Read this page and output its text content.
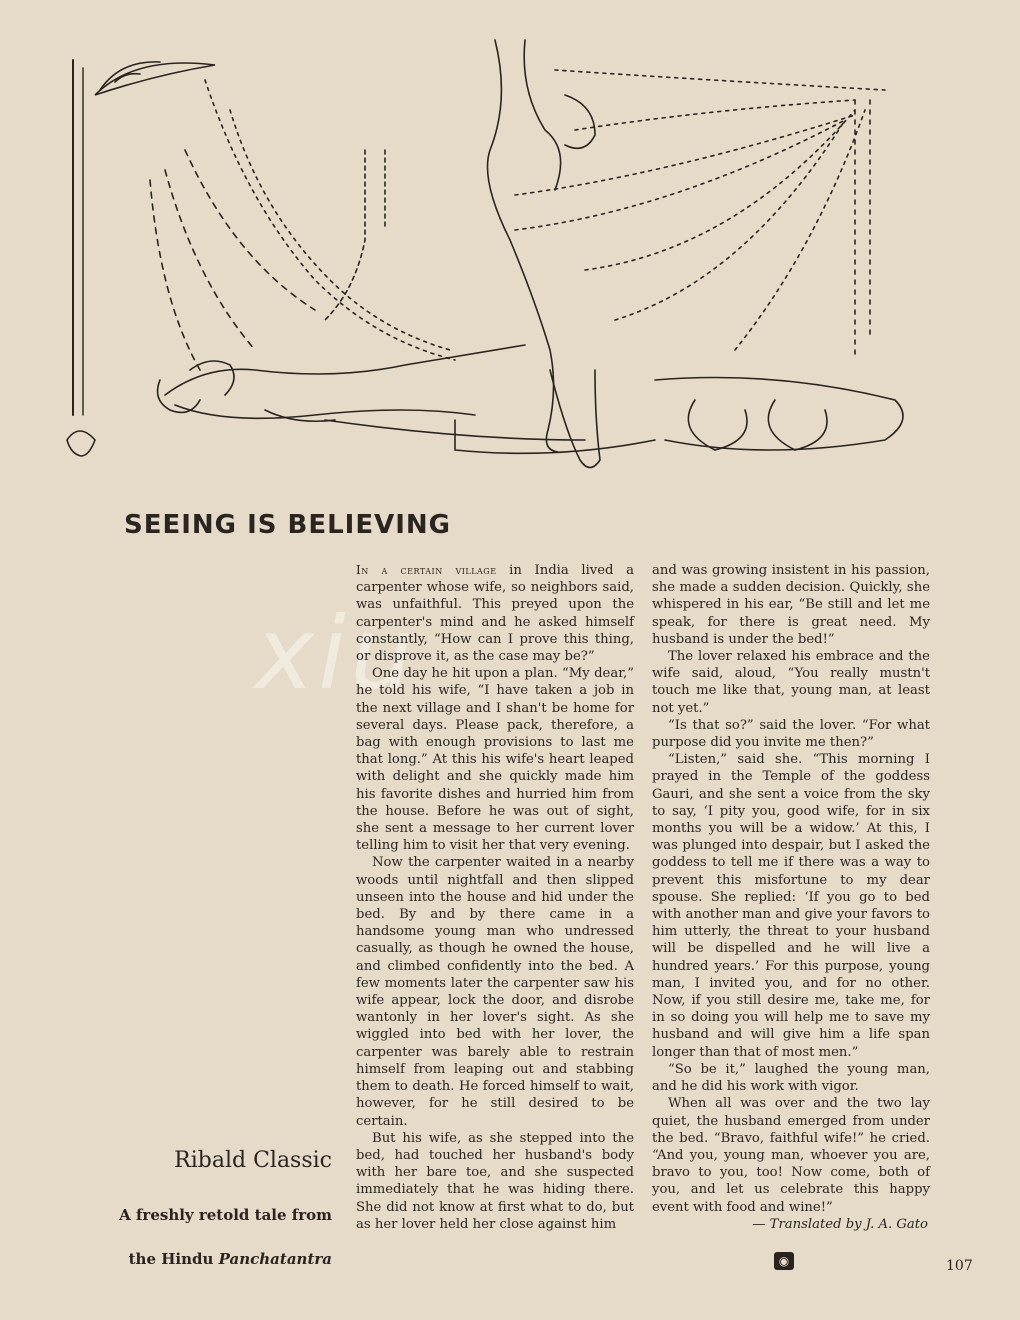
SEEING IS BELIEVING
xiu

In a certain village in India lived a carpenter whose wife, so neighbors said, was unfaithful. This preyed upon the carpenter's mind and he asked himself constantly, “How can I prove this thing, or disprove it, as the case may be?”

One day he hit upon a plan. “My dear,” he told his wife, “I have taken a job in the next village and I shan't be home for several days. Please pack, therefore, a bag with enough provisions to last me that long.” At this his wife's heart leaped with delight and she quickly made him his favorite dishes and hurried him from the house. Before he was out of sight, she sent a message to her current lover telling him to visit her that very evening.

Now the carpenter waited in a nearby woods until nightfall and then slipped unseen into the house and hid under the bed. By and by there came in a handsome young man who undressed casually, as though he owned the house, and climbed confidently into the bed. A few moments later the carpenter saw his wife appear, lock the door, and disrobe wantonly in her lover's sight. As she wiggled into bed with her lover, the carpenter was barely able to restrain himself from leaping out and stabbing them to death. He forced himself to wait, however, for he still desired to be certain.

But his wife, as she stepped into the bed, had touched her husband's body with her bare toe, and she suspected immediately that he was hiding there. She did not know at first what to do, but as her lover held her close against him

and was growing insistent in his passion, she made a sudden decision. Quickly, she whispered in his ear, “Be still and let me speak, for there is great need. My husband is under the bed!”

The lover relaxed his embrace and the wife said, aloud, “You really mustn't touch me like that, young man, at least not yet.”

“Is that so?” said the lover. “For what purpose did you invite me then?”

“Listen,” said she. “This morning I prayed in the Temple of the goddess Gauri, and she sent a voice from the sky to say, ‘I pity you, good wife, for in six months you will be a widow.’ At this, I was plunged into despair, but I asked the goddess to tell me if there was a way to prevent this misfortune to my dear spouse. She replied: ‘If you go to bed with another man and give your favors to him utterly, the threat to your husband will be dispelled and he will live a hundred years.’ For this purpose, young man, I invited you, and for no other. Now, if you still desire me, take me, for in so doing you will help me to save my husband and will give him a life span longer than that of most men.”

“So be it,” laughed the young man, and he did his work with vigor.

When all was over and the two lay quiet, the husband emerged from under the bed. “Bravo, faithful wife!” he cried. “And you, young man, whoever you are, bravo to you, too! Now come, both of you, and let us celebrate this happy event with food and wine!”

— Translated by J. A. Gato

◉
Ribald Classic
A freshly retold tale from
the Hindu Panchatantra	107
